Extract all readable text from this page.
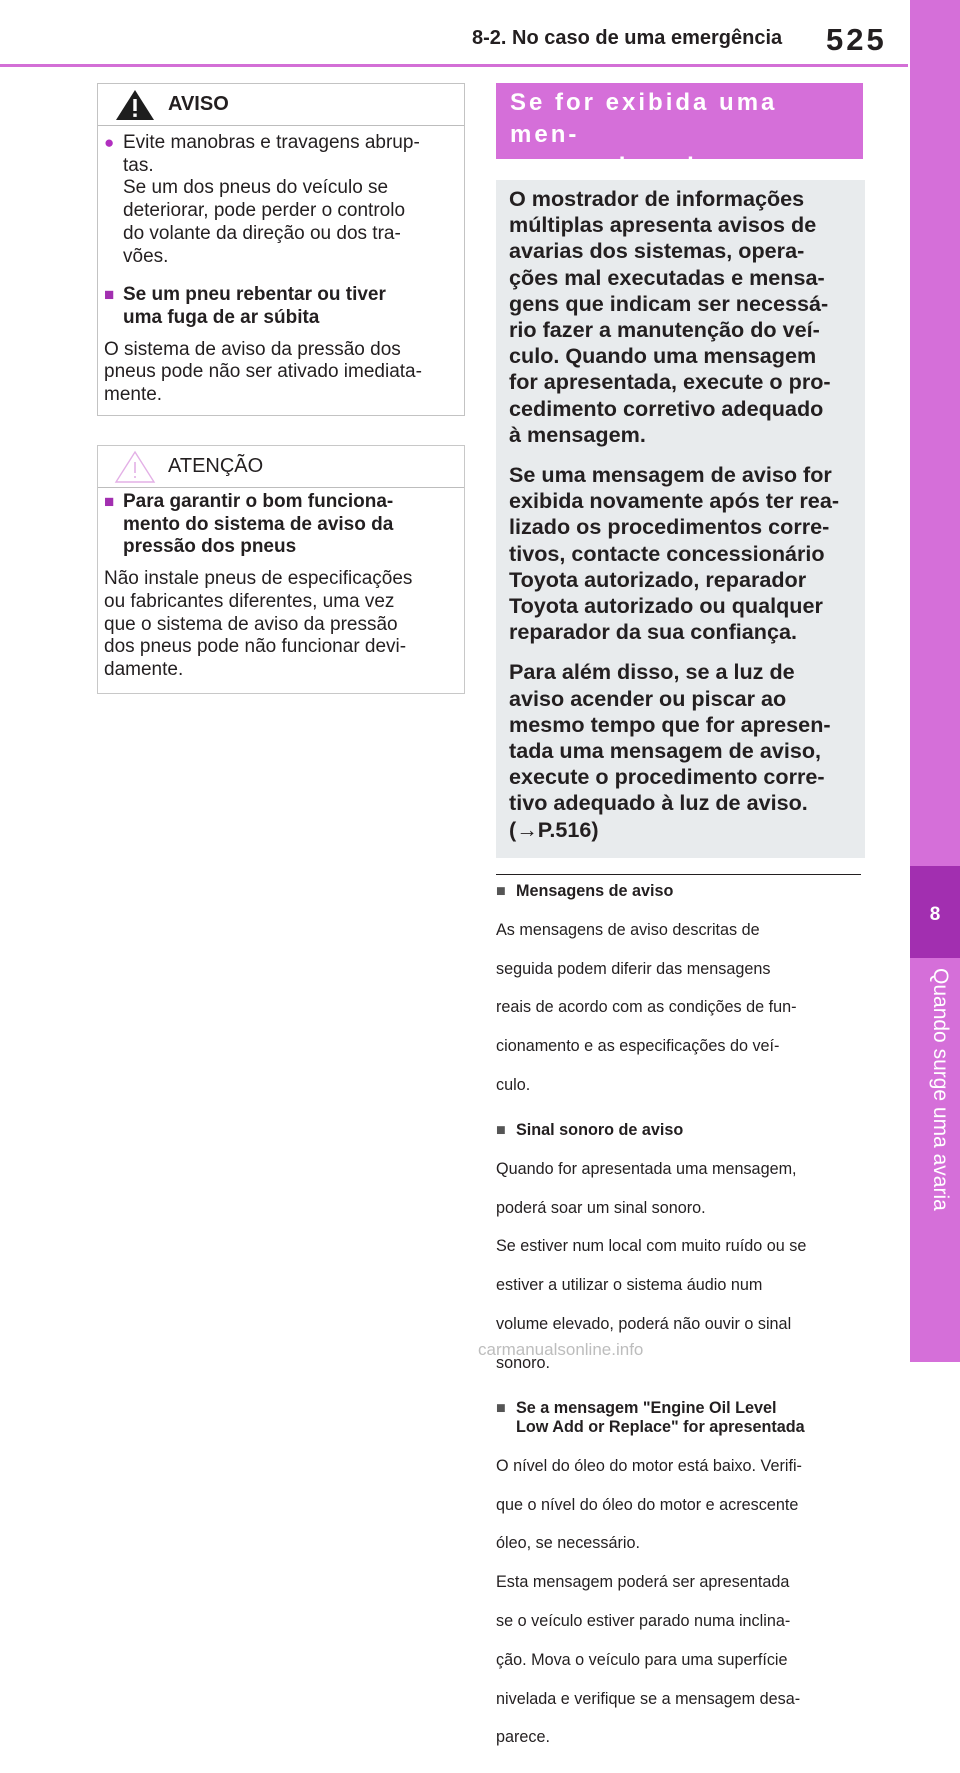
8-2. No caso de uma emergência 525
8
Quando surge uma avaria
AVISO
● Evite manobras e travagens abrup-
tas.
Se um dos pneus do veículo se
deteriorar, pode perder o controlo
do volante da direção ou dos tra-
vões.
■ Se um pneu rebentar ou tiver
uma fuga de ar súbita
O sistema de aviso da pressão dos
pneus pode não ser ativado imediata-
mente.
ATENÇÃO
■ Para garantir o bom funciona-
mento do sistema de aviso da
pressão dos pneus
Não instale pneus de especificações
ou fabricantes diferentes, uma vez
que o sistema de aviso da pressão
dos pneus pode não funcionar devi-
damente.
Se for exibida uma men-
sagem de aviso

O mostrador de informações
múltiplas apresenta avisos de
avarias dos sistemas, opera-
ções mal executadas e mensa-
gens que indicam ser necessá-
rio fazer a manutenção do veí-
culo. Quando uma mensagem
for apresentada, execute o pro-
cedimento corretivo adequado
à mensagem.

Se uma mensagem de aviso for
exibida novamente após ter rea-
lizado os procedimentos corre-
tivos, contacte concessionário
Toyota autorizado, reparador
Toyota autorizado ou qualquer
reparador da sua confiança.

Para além disso, se a luz de
aviso acender ou piscar ao
mesmo tempo que for apresen-
tada uma mensagem de aviso,
execute o procedimento corre-
tivo adequado à luz de aviso.
(→P.516)

■ Mensagens de aviso

As mensagens de aviso descritas de

seguida podem diferir das mensagens

reais de acordo com as condições de fun-

cionamento e as especificações do veí-

culo.

■ Sinal sonoro de aviso

Quando for apresentada uma mensagem,

poderá soar um sinal sonoro.

Se estiver num local com muito ruído ou se

estiver a utilizar o sistema áudio num

volume elevado, poderá não ouvir o sinal

sonoro.

■ Se a mensagem "Engine Oil Level
Low Add or Replace" for apresentada

O nível do óleo do motor está baixo. Verifi-

que o nível do óleo do motor e acrescente

óleo, se necessário.

Esta mensagem poderá ser apresentada

se o veículo estiver parado numa inclina-

ção. Mova o veículo para uma superfície

nivelada e verifique se a mensagem desa-

parece.

carmanualsonline.info
